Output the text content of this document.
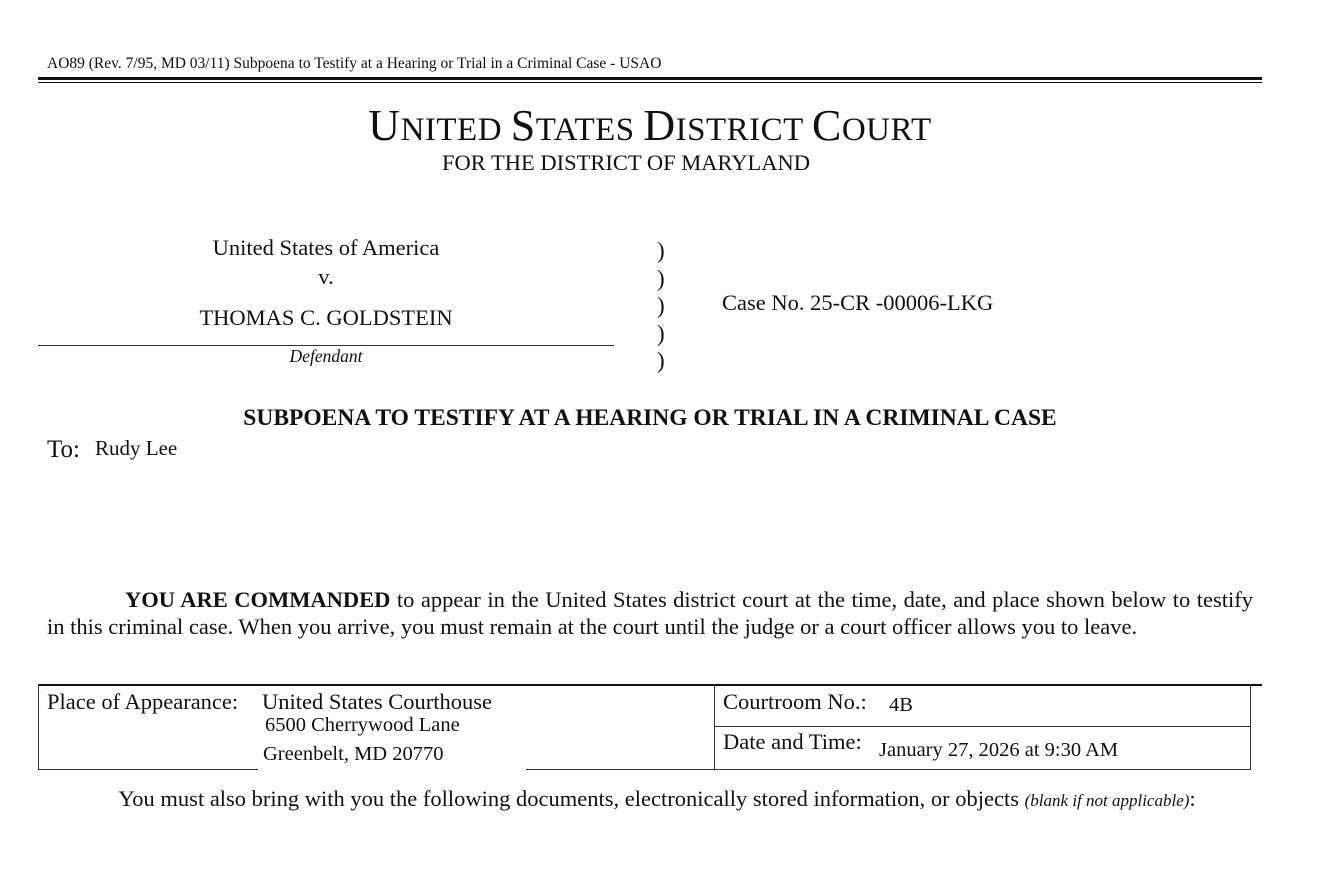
AO89 (Rev. 7/95, MD 03/11) Subpoena to Testify at a Hearing or Trial in a Criminal Case - USAO
UNITED STATES DISTRICT COURT
FOR THE DISTRICT OF MARYLAND
United States of America
v.
THOMAS C. GOLDSTEIN
Defendant
)
)
)
)
)
Case No. 25-CR -00006-LKG
SUBPOENA TO TESTIFY AT A HEARING OR TRIAL IN A CRIMINAL CASE
To: Rudy Lee
YOU ARE COMMANDED to appear in the United States district court at the time, date, and place shown below to testify in this criminal case. When you arrive, you must remain at the court until the judge or a court officer allows you to leave.
Place of Appearance: United States Courthouse
6500 Cherrywood Lane
Greenbelt, MD 20770
Courtroom No.: 4B
Date and Time: January 27, 2026 at 9:30 AM
You must also bring with you the following documents, electronically stored information, or objects (blank if not applicable):
